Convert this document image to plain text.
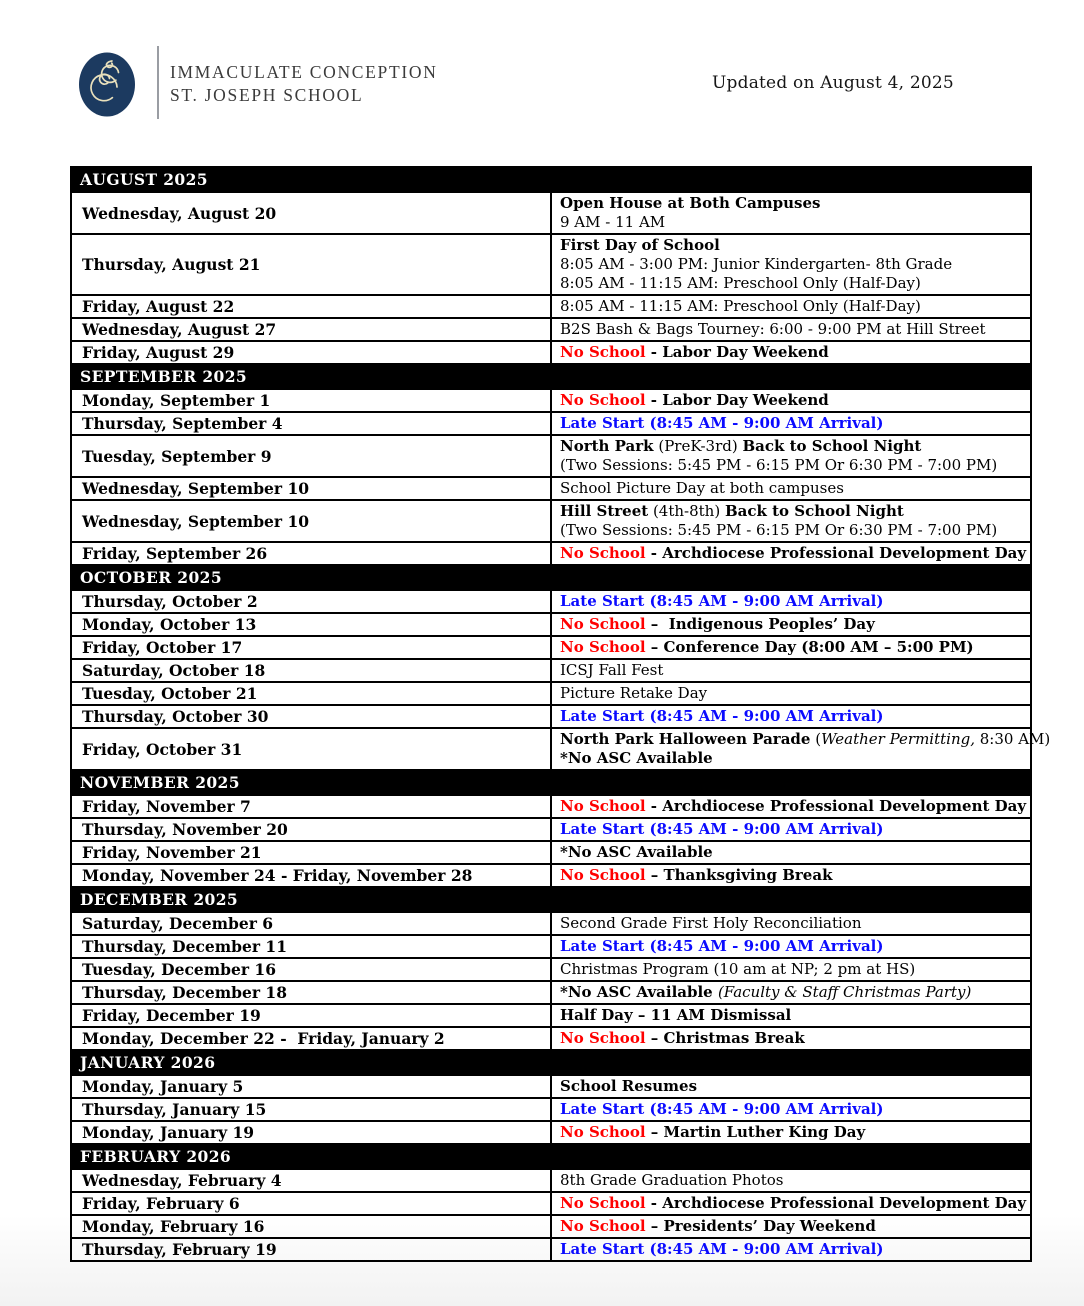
IMMACULATE CONCEPTION
ST. JOSEPH SCHOOL
Updated on August 4, 2025
AUGUST 2025	
Wednesday, August 20	Open House at Both Campuses
9 AM - 11 AM

Thursday, August 21	First Day of School
8:05 AM - 3:00 PM: Junior Kindergarten- 8th Grade
8:05 AM - 11:15 AM: Preschool Only (Half-Day)

Friday, August 22	8:05 AM - 11:15 AM: Preschool Only (Half-Day)

Wednesday, August 27	B2S Bash & Bags Tourney: 6:00 - 9:00 PM at Hill Street

Friday, August 29	No School - Labor Day Weekend

SEPTEMBER 2025	
Monday, September 1	No School - Labor Day Weekend

Thursday, September 4	Late Start (8:45 AM - 9:00 AM Arrival)

Tuesday, September 9	North Park (PreK-3rd) Back to School Night
(Two Sessions: 5:45 PM - 6:15 PM Or 6:30 PM - 7:00 PM)

Wednesday, September 10	School Picture Day at both campuses

Wednesday, September 10	Hill Street (4th-8th) Back to School Night
(Two Sessions: 5:45 PM - 6:15 PM Or 6:30 PM - 7:00 PM)

Friday, September 26	No School - Archdiocese Professional Development Day

OCTOBER 2025	
Thursday, October 2	Late Start (8:45 AM - 9:00 AM Arrival)

Monday, October 13	No School –  Indigenous Peoples’ Day

Friday, October 17	No School – Conference Day (8:00 AM – 5:00 PM)

Saturday, October 18	ICSJ Fall Fest

Tuesday, October 21	Picture Retake Day

Thursday, October 30	Late Start (8:45 AM - 9:00 AM Arrival)

Friday, October 31	North Park Halloween Parade (Weather Permitting, 8:30 AM)
*No ASC Available

NOVEMBER 2025	
Friday, November 7	No School - Archdiocese Professional Development Day

Thursday, November 20	Late Start (8:45 AM - 9:00 AM Arrival)

Friday, November 21	*No ASC Available

Monday, November 24 - Friday, November 28	No School – Thanksgiving Break

DECEMBER 2025	
Saturday, December 6	Second Grade First Holy Reconciliation

Thursday, December 11	Late Start (8:45 AM - 9:00 AM Arrival)

Tuesday, December 16	Christmas Program (10 am at NP; 2 pm at HS)

Thursday, December 18	*No ASC Available (Faculty & Staff Christmas Party)

Friday, December 19	Half Day – 11 AM Dismissal

Monday, December 22 -  Friday, January 2	No School – Christmas Break

JANUARY 2026	
Monday, January 5	School Resumes

Thursday, January 15	Late Start (8:45 AM - 9:00 AM Arrival)

Monday, January 19	No School – Martin Luther King Day

FEBRUARY 2026	
Wednesday, February 4	8th Grade Graduation Photos

Friday, February 6	No School - Archdiocese Professional Development Day

Monday, February 16	No School – Presidents’ Day Weekend

Thursday, February 19	Late Start (8:45 AM - 9:00 AM Arrival)
